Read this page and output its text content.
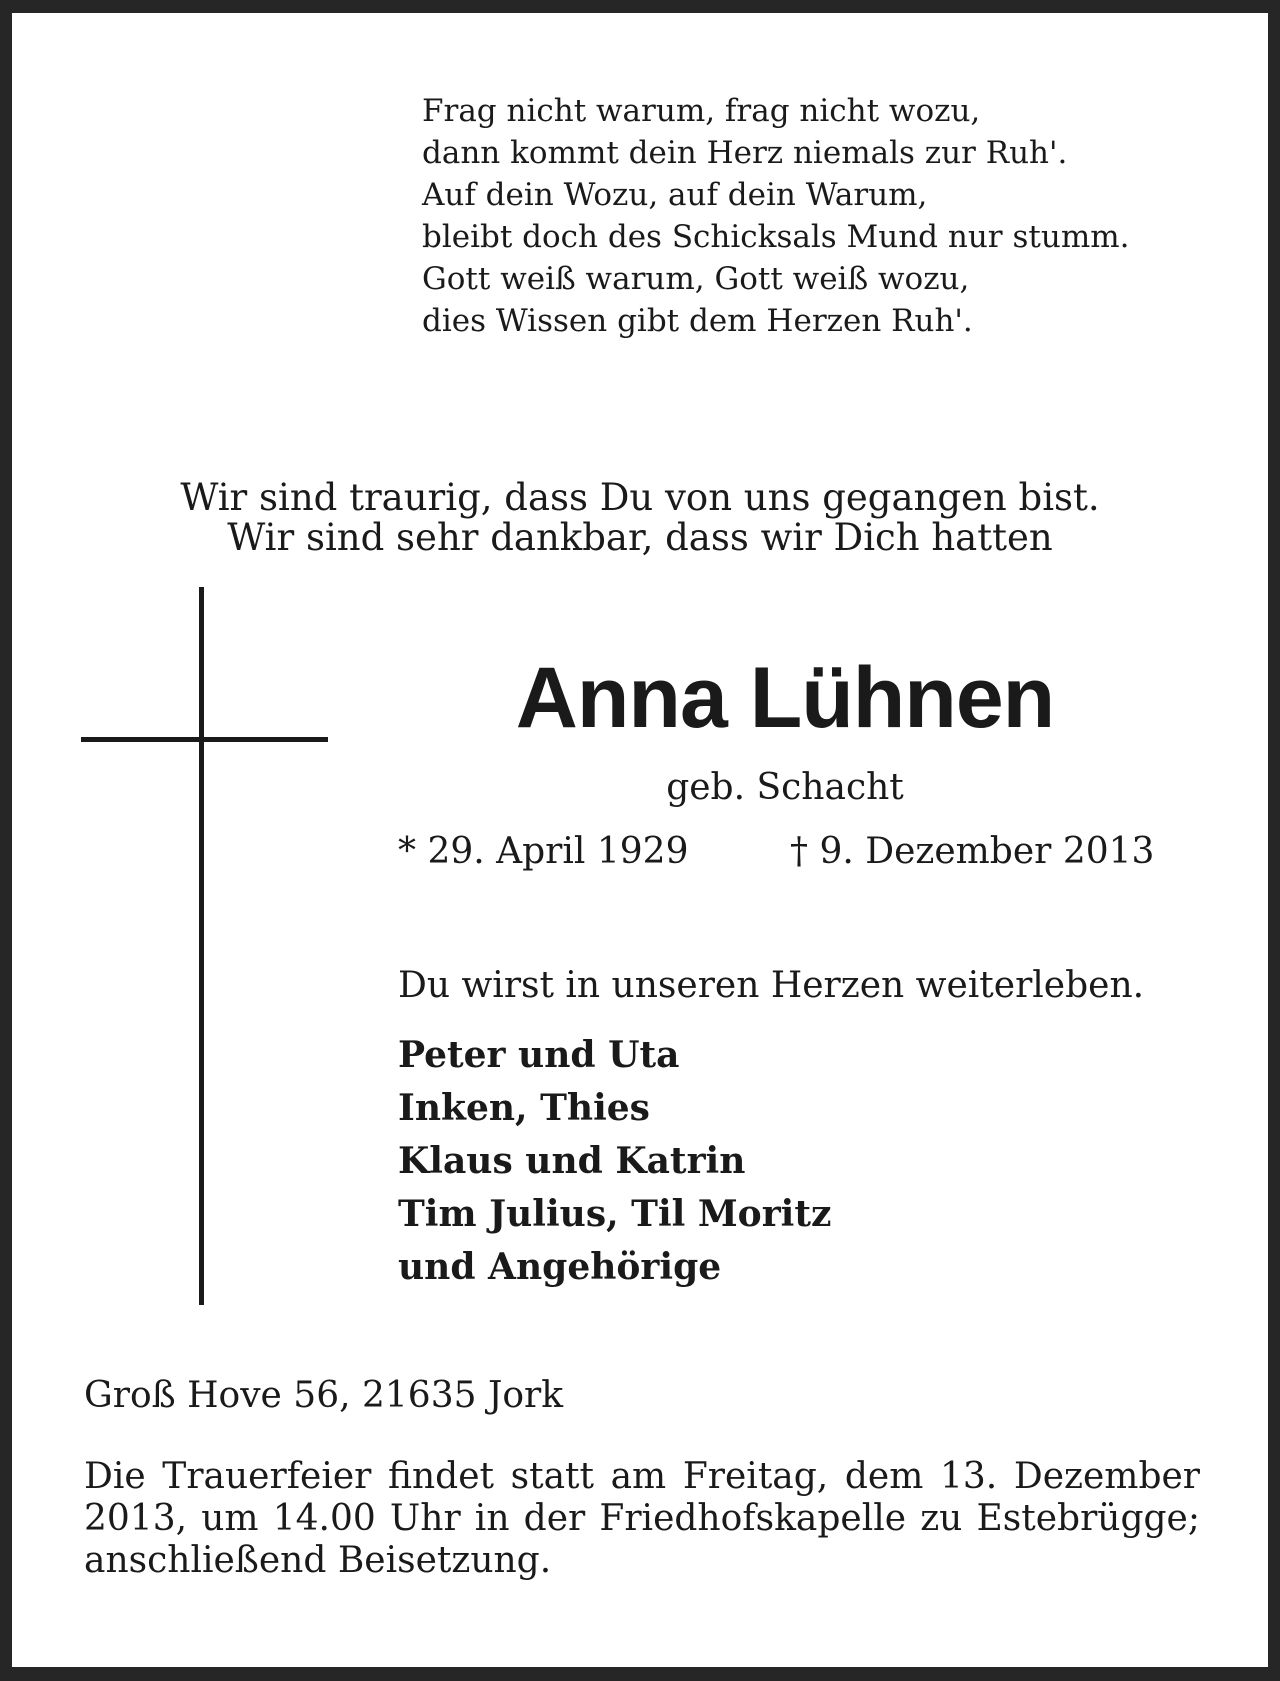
Frag nicht warum, frag nicht wozu,
dann kommt dein Herz niemals zur Ruh'.
Auf dein Wozu, auf dein Warum,
bleibt doch des Schicksals Mund nur stumm.
Gott weiß warum, Gott weiß wozu,
dies Wissen gibt dem Herzen Ruh'.
Wir sind traurig, dass Du von uns gegangen bist.
Wir sind sehr dankbar, dass wir Dich hatten
Anna Lühnen
geb. Schacht
* 29. April 1929	† 9. Dezember 2013
Du wirst in unseren Herzen weiterleben.
Peter und Uta
Inken, Thies
Klaus und Katrin
Tim Julius, Til Moritz
und Angehörige
Groß Hove 56, 21635 Jork
Die Trauerfeier findet statt am Freitag, dem 13. Dezember 2013, um 14.00 Uhr in der Friedhofskapelle zu Estebrügge; anschließend Beisetzung.
